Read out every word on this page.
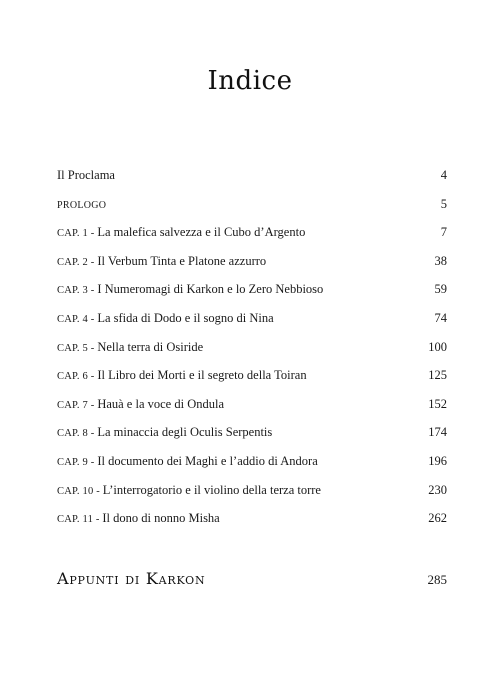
Indice
Il Proclama	4
PROLOGO	5
CAP. 1 - La malefica salvezza e il Cubo d’Argento	7
CAP. 2 - Il Verbum Tinta e Platone azzurro	38
CAP. 3 - I Numeromagi di Karkon e lo Zero Nebbioso	59
CAP. 4 - La sfida di Dodo e il sogno di Nina	74
CAP. 5 - Nella terra di Osiride	100
CAP. 6 - Il Libro dei Morti e il segreto della Toiran	125
CAP. 7 - Hauà e la voce di Ondula	152
CAP. 8 - La minaccia degli Oculis Serpentis	174
CAP. 9 - Il documento dei Maghi e l’addio di Andora	196
CAP. 10 - L’interrogatorio e il violino della terza torre	230
CAP. 11 - Il dono di nonno Misha	262
Appunti di Karkon	285
